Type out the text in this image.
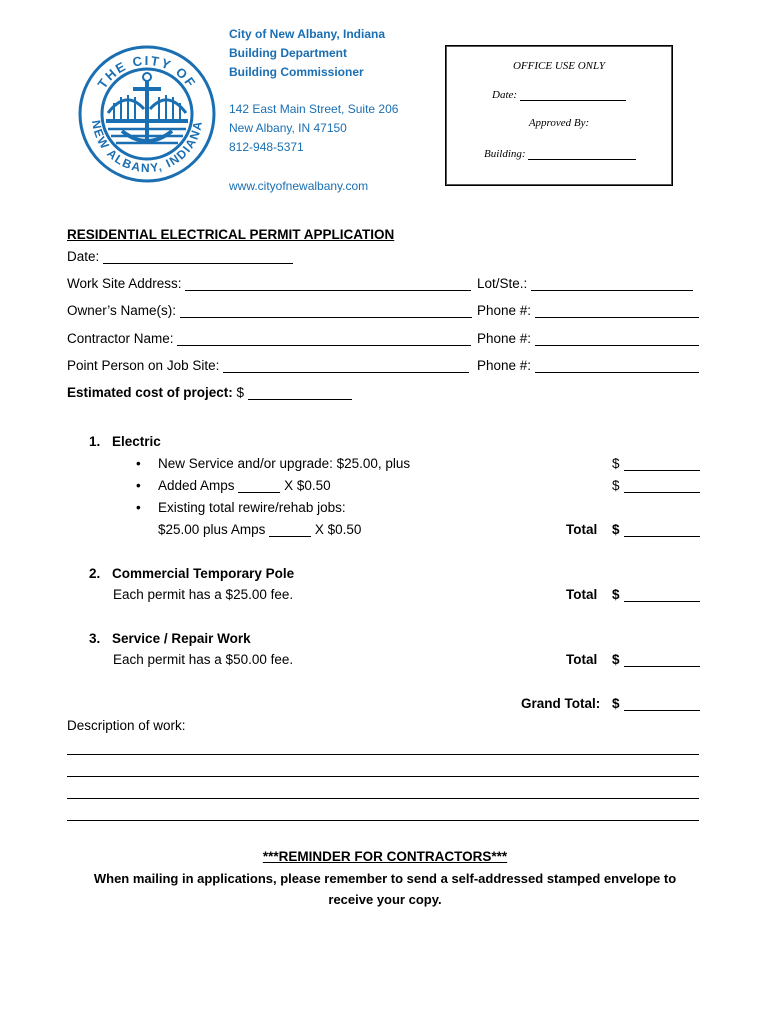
THE CITY OF
NEW ALBANY, INDIANA
City of New Albany, Indiana
Building Department
Building Commissioner
142 East Main Street, Suite 206
New Albany, IN 47150
812-948-5371
www.cityofnewalbany.com
OFFICE USE ONLY
Date:
Approved By:
Building:
RESIDENTIAL ELECTRICAL PERMIT APPLICATION
Date:
Work Site Address:	Lot/Ste.:
Owner’s Name(s):	Phone #:
Contractor Name:	Phone #:
Point Person on Job Site:	Phone #:
Estimated cost of project: $
1. Electric
• New Service and/or upgrade: $25.00, plus	$
• Added Amps	X $0.50	$
• Existing total rewire/rehab jobs:
$25.00 plus Amps	X $0.50	Total $
2. Commercial Temporary Pole
Each permit has a $25.00 fee.	Total $
3. Service / Repair Work
Each permit has a $50.00 fee.	Total $
Grand Total: $
Description of work:
***REMINDER FOR CONTRACTORS***
When mailing in applications, please remember to send a self-addressed stamped envelope to
receive your copy.
